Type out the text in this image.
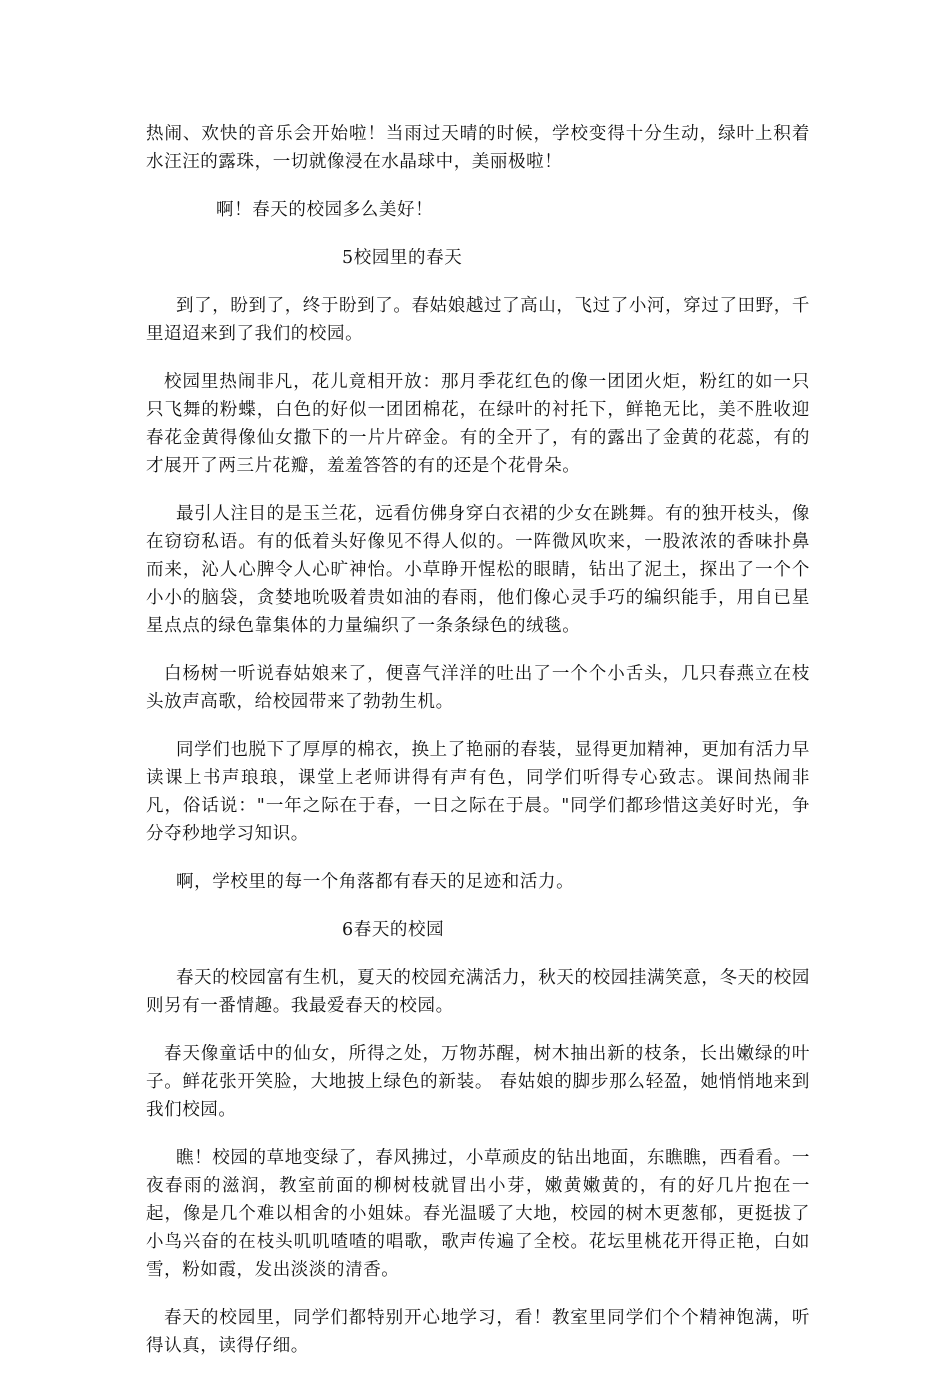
热闹、欢快的音乐会开始啦！当雨过天晴的时候，学校变得十分生动，绿叶上积着水汪汪的露珠，一切就像浸在水晶球中，美丽极啦！

啊！春天的校园多么美好！

5校园里的春天

到了，盼到了，终于盼到了。春姑娘越过了高山，飞过了小河，穿过了田野，千里迢迢来到了我们的校园。

校园里热闹非凡，花儿竟相开放：那月季花红色的像一团团火炬，粉红的如一只只飞舞的粉蝶，白色的好似一团团棉花，在绿叶的衬托下，鲜艳无比，美不胜收迎春花金黄得像仙女撒下的一片片碎金。有的全开了，有的露出了金黄的花蕊，有的才展开了两三片花瓣，羞羞答答的有的还是个花骨朵。

最引人注目的是玉兰花，远看仿佛身穿白衣裙的少女在跳舞。有的独开枝头，像在窃窃私语。有的低着头好像见不得人似的。一阵微风吹来，一股浓浓的香味扑鼻而来，沁人心脾令人心旷神怡。小草睁开惺松的眼睛，钻出了泥土，探出了一个个小小的脑袋，贪婪地吮吸着贵如油的春雨，他们像心灵手巧的编织能手，用自已星星点点的绿色靠集体的力量编织了一条条绿色的绒毯。

白杨树一听说春姑娘来了，便喜气洋洋的吐出了一个个小舌头，几只春燕立在枝头放声高歌，给校园带来了勃勃生机。

同学们也脱下了厚厚的棉衣，换上了艳丽的春装，显得更加精神，更加有活力早读课上书声琅琅，课堂上老师讲得有声有色，同学们听得专心致志。课间热闹非凡，俗话说："一年之际在于春，一日之际在于晨。"同学们都珍惜这美好时光，争分夺秒地学习知识。

啊，学校里的每一个角落都有春天的足迹和活力。

6春天的校园

春天的校园富有生机，夏天的校园充满活力，秋天的校园挂满笑意，冬天的校园则另有一番情趣。我最爱春天的校园。

春天像童话中的仙女，所得之处，万物苏醒，树木抽出新的枝条，长出嫩绿的叶子。鲜花张开笑脸，大地披上绿色的新装。 春姑娘的脚步那么轻盈，她悄悄地来到我们校园。

瞧！校园的草地变绿了，春风拂过，小草顽皮的钻出地面，东瞧瞧，西看看。一夜春雨的滋润，教室前面的柳树枝就冒出小芽，嫩黄嫩黄的，有的好几片抱在一起，像是几个难以相舍的小姐妹。春光温暖了大地，校园的树木更葱郁，更挺拔了小鸟兴奋的在枝头叽叽喳喳的唱歌，歌声传遍了全校。花坛里桃花开得正艳，白如雪，粉如霞，发出淡淡的清香。

春天的校园里，同学们都特别开心地学习，看！教室里同学们个个精神饱满，听得认真，读得仔细。
